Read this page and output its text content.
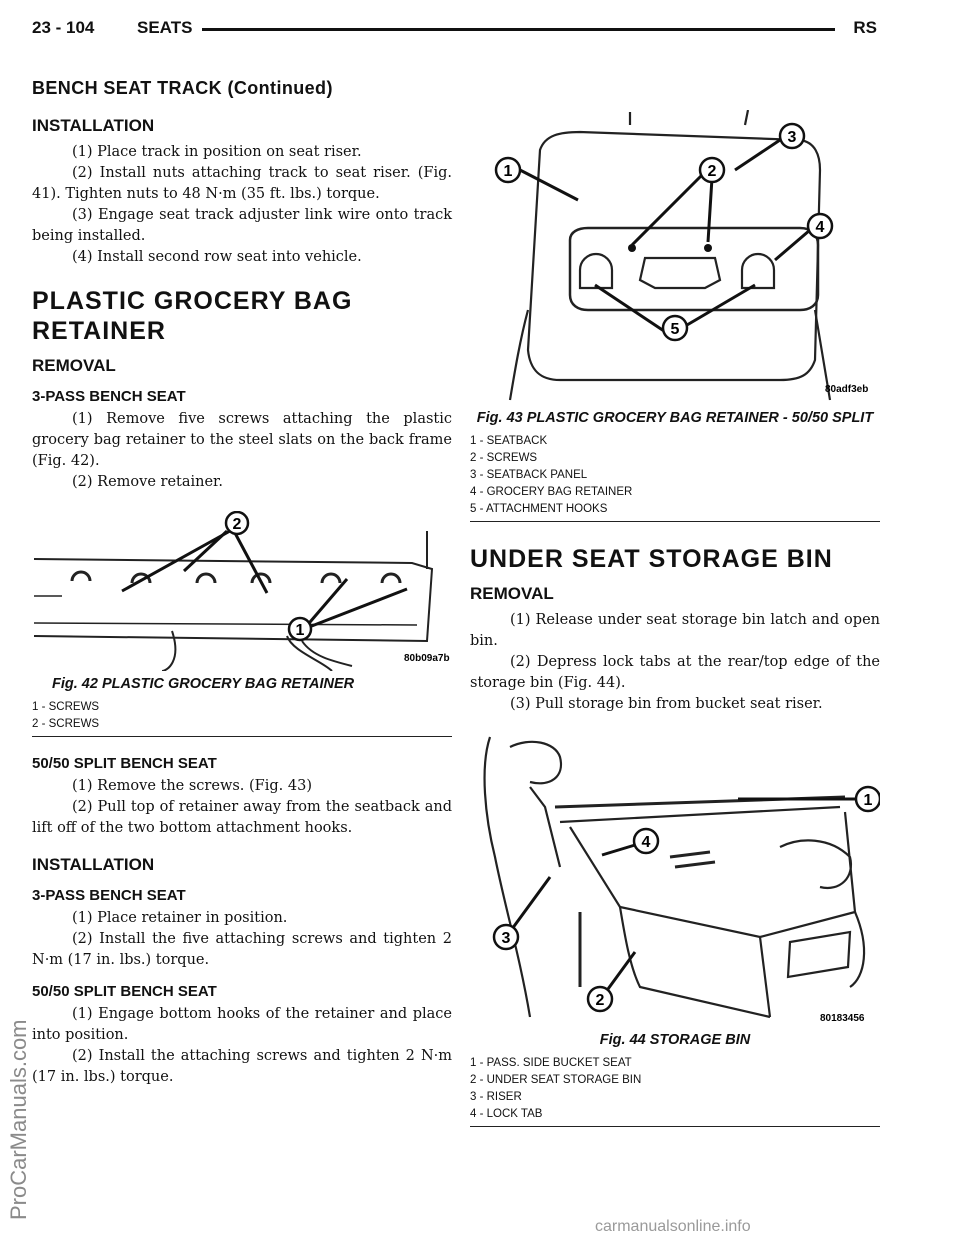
23 - 104	SEATS	RS
BENCH SEAT TRACK (Continued)
INSTALLATION

(1) Place track in position on seat riser.

(2) Install nuts attaching track to seat riser. (Fig. 41). Tighten nuts to 48 N·m (35 ft. lbs.) torque.

(3) Engage seat track adjuster link wire onto track being installed.

(4) Install second row seat into vehicle.

PLASTIC GROCERY BAG
RETAINER
REMOVAL
3-PASS BENCH SEAT

(1) Remove five screws attaching the plastic grocery bag retainer to the steel slats on the back frame (Fig. 42).

(2) Remove retainer.

2
1
80b09a7b
Fig. 42 PLASTIC GROCERY BAG RETAINER
1 - SCREWS
2 - SCREWS
50/50 SPLIT BENCH SEAT

(1) Remove the screws. (Fig. 43)

(2) Pull top of retainer away from the seatback and lift off of the two bottom attachment hooks.

INSTALLATION
3-PASS BENCH SEAT

(1) Place retainer in position.

(2) Install the five attaching screws and tighten 2 N·m (17 in. lbs.) torque.

50/50 SPLIT BENCH SEAT

(1) Engage bottom hooks of the retainer and place into position.

(2) Install the attaching screws and tighten 2 N·m (17 in. lbs.) torque.

1	2
3
4
5
80adf3eb
Fig. 43 PLASTIC GROCERY BAG RETAINER - 50/50 SPLIT
1 - SEATBACK
2 - SCREWS
3 - SEATBACK PANEL
4 - GROCERY BAG RETAINER
5 - ATTACHMENT HOOKS
UNDER SEAT STORAGE BIN
REMOVAL

(1) Release under seat storage bin latch and open bin.

(2) Depress lock tabs at the rear/top edge of the storage bin (Fig. 44).

(3) Pull storage bin from bucket seat riser.

1
2
3
4
80183456
Fig. 44 STORAGE BIN
1 - PASS. SIDE BUCKET SEAT
2 - UNDER SEAT STORAGE BIN
3 - RISER
4 - LOCK TAB
ProCarManuals.com
carmanualsonline.info
